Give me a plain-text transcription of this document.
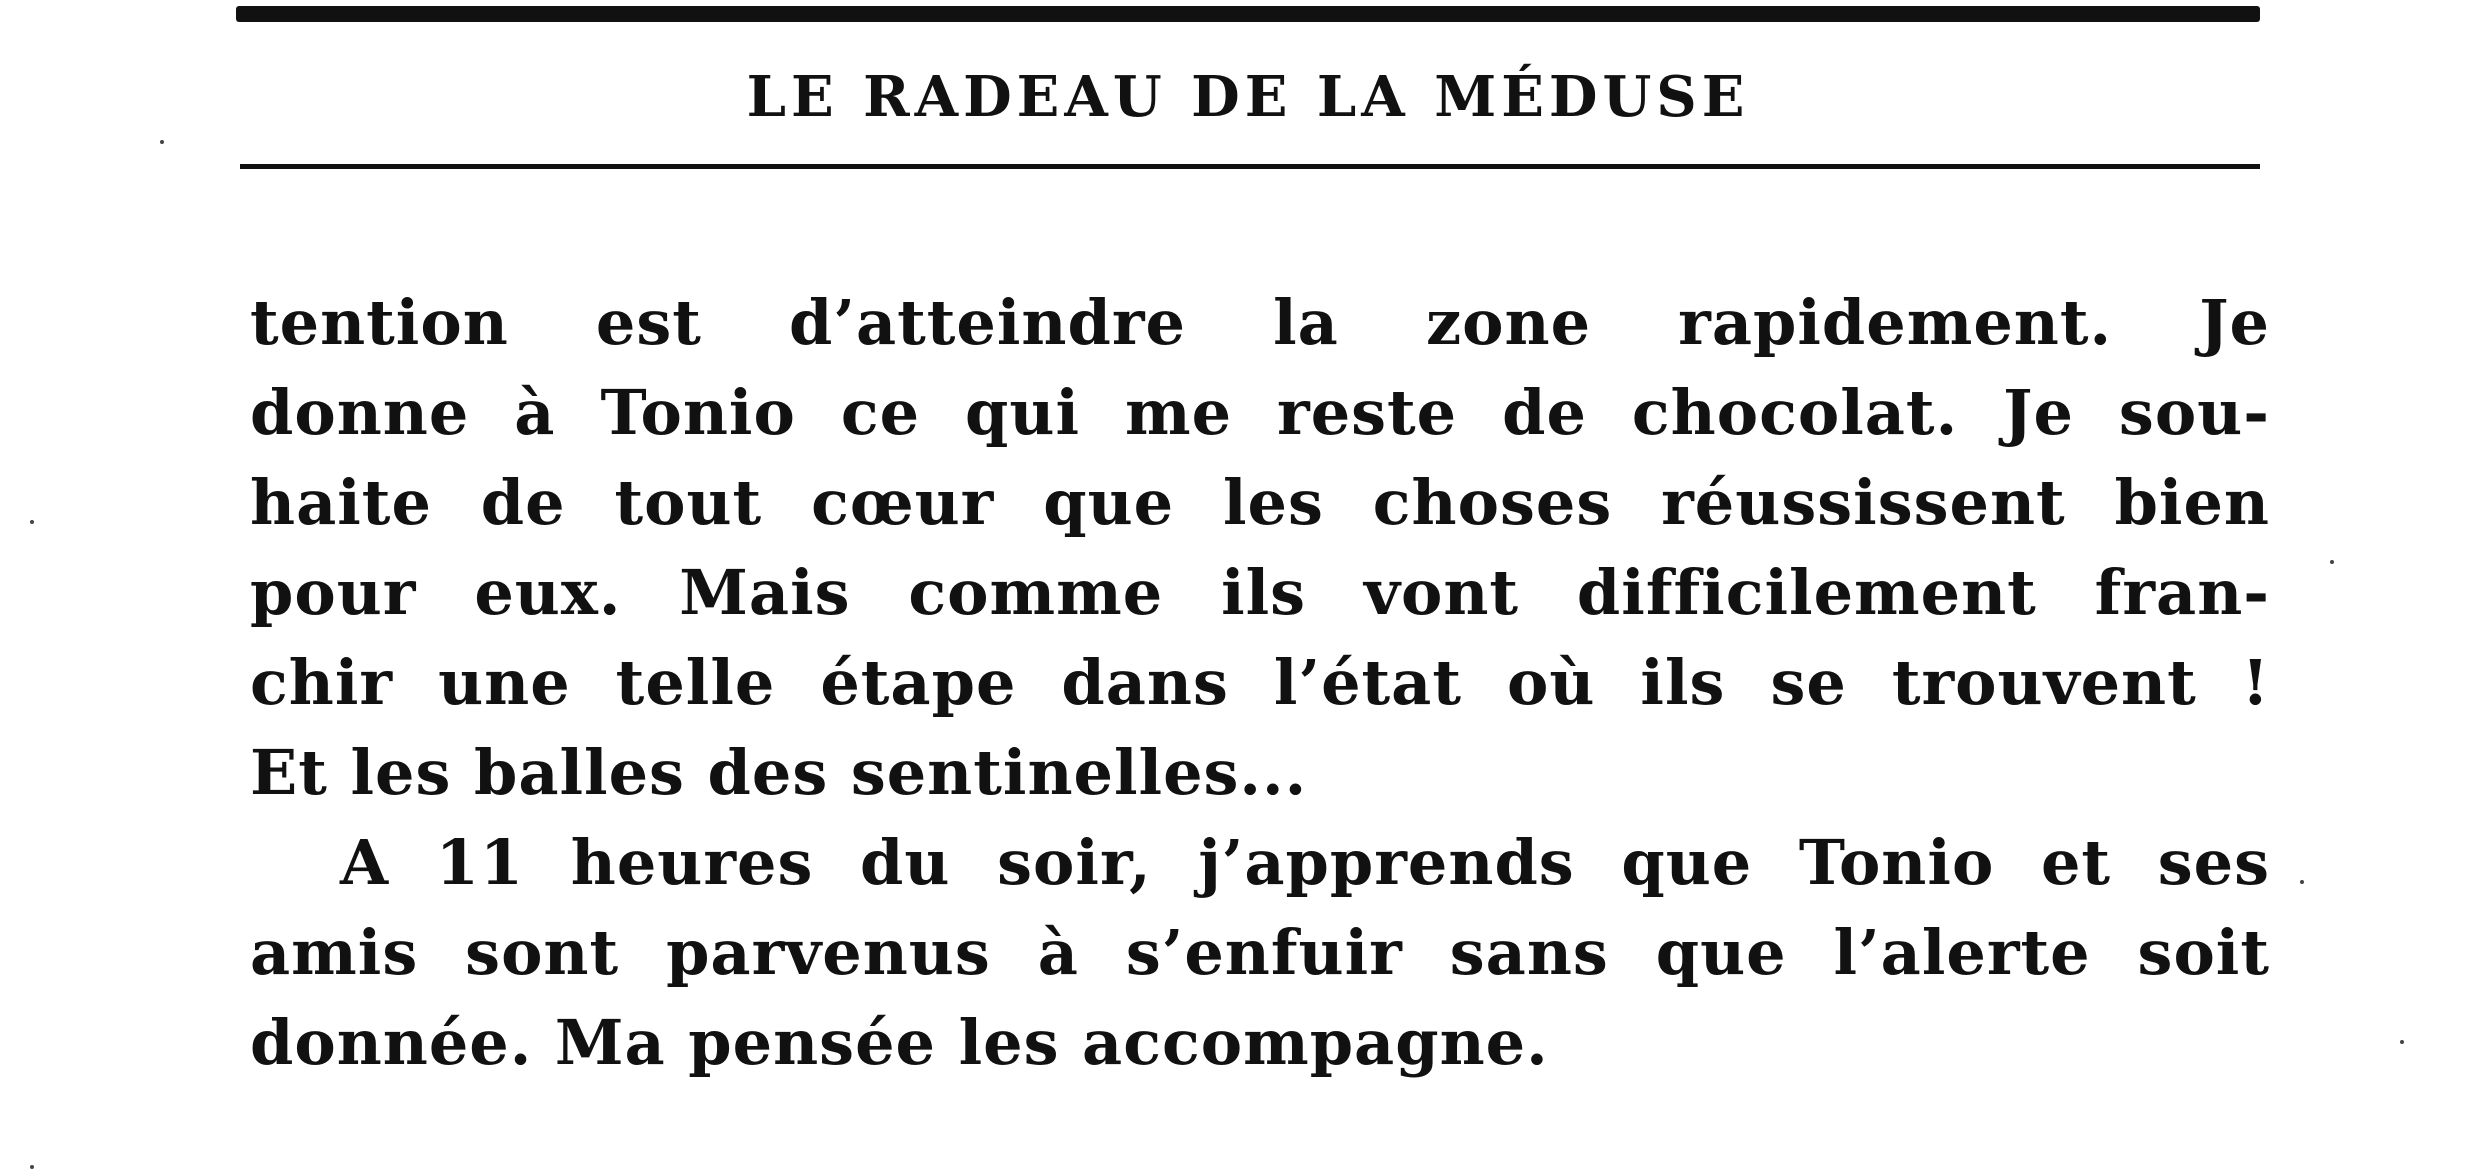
LE RADEAU DE LA MÉDUSE
tention est d’atteindre la zone rapidement. Je
donne à Tonio ce qui me reste de chocolat. Je sou-
haite de tout cœur que les choses réussissent bien
pour eux. Mais comme ils vont difficilement fran-
chir une telle étape dans l’état où ils se trouvent !
Et les balles des sentinelles...
A 11 heures du soir, j’apprends que Tonio et ses
amis sont parvenus à s’enfuir sans que l’alerte soit
donnée. Ma pensée les accompagne.
